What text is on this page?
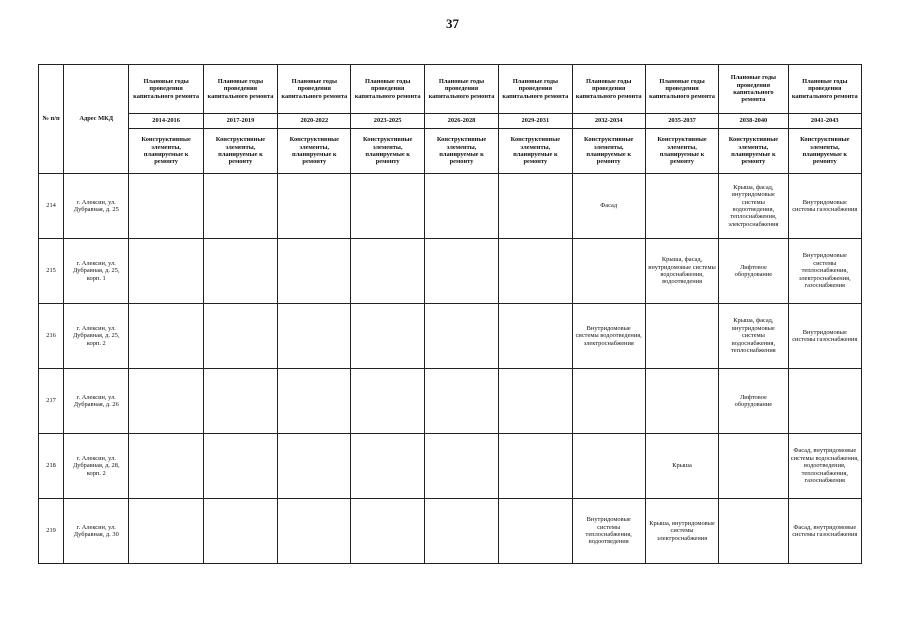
37
№ п/п	Адрес МКД	Плановые годы проведения капитального ремонта	Плановые годы проведения капитального ремонта	Плановые годы проведения капитального ремонта	Плановые годы проведения капитального ремонта	Плановые годы проведения капитального ремонта	Плановые годы проведения капитального ремонта	Плановые годы проведения капитального ремонта	Плановые годы проведения капитального ремонта	Плановые годы проведения капитального ремонта	Плановые годы проведения капитального ремонта
		2014-2016	2017-2019	2020-2022	2023-2025	2026-2028	2029-2031	2032-2034	2035-2037	2038-2040	2041-2043
		Конструктивные элементы, планируемые к ремонту	Конструктивные элементы, планируемые к ремонту	Конструктивные элементы, планируемые к ремонту	Конструктивные элементы, планируемые к ремонту	Конструктивные элементы, планируемые к ремонту	Конструктивные элементы, планируемые к ремонту	Конструктивные элементы, планируемые к ремонту	Конструктивные элементы, планируемые к ремонту	Конструктивные элементы, планируемые к ремонту	Конструктивные элементы, планируемые к ремонту
214	г. Алексин, ул. Дубравная, д. 25							Фасад		Крыша, фасад, внутридомовые системы водоотведения, теплоснабжения, электроснабжения	Внутридомовые системы газоснабжения
215	г. Алексин, ул. Дубравная, д. 25, корп. 1								Крыша, фасад, внутридомовые системы водоснабжения, водоотведения	Лифтовое оборудование	Внутридомовые системы теплоснабжения, электроснабжения, газоснабжения
216	г. Алексин, ул. Дубравная, д. 25, корп. 2							Внутридомовые системы водоотведения, электроснабжения		Крыша, фасад, внутридомовые системы водоснабжения, теплоснабжения	Внутридомовые системы газоснабжения
217	г. Алексин, ул. Дубравная, д. 26									Лифтовое оборудование	
218	г. Алексин, ул. Дубравная, д. 28, корп. 2								Крыша		Фасад, внутридомовые системы водоснабжения, водоотведения, теплоснабжения, газоснабжения
219	г. Алексин, ул. Дубравная, д. 30							Внутридомовые системы теплоснабжения, водоотведения	Крыша, внутридомовые системы электроснабжения		Фасад, внутридомовые системы газоснабжения
